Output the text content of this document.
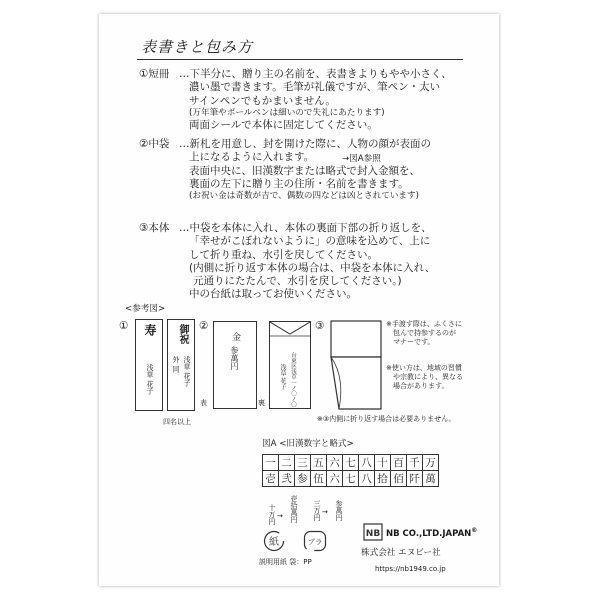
表書きと包み方
①短冊 …下半分に、贈り主の名前を、表書きよりもやや小さく、
濃い墨で書きます。毛筆が礼儀ですが、筆ペン・太い
サインペンでもかまいません。
(万年筆やボールペンは細いので失礼にあたります)
両面シールで本体に固定してください。
②中袋 …新札を用意し、封を開けた際に、人物の顔が表面の
上になるように入れます。
表面中央に、旧漢数字または略式で封入金額を、
裏面の左下に贈り主の住所・名前を書きます。
(お祝い金は奇数が吉で、偶数の四などは凶とされています)
→図A参照
③本体 …中袋を本体に入れ、本体の裏面下部の折り返しを、
「幸せがこぼれないように」の意味を込めて、上に
して折り重ね、水引を戻してください。
(内側に折り返す本体の場合は、中袋を本体に入れ、
元通りにたたんで、水引を戻してください。)
中の台紙は取ってお使いください。
<参考図>
① 寿
浅草 花子
御祝
浅草 花子
外 同
四名以上
②
金
参萬円
表	台東区浅草一ノ〇ノ〇
浅草 花子
裏
③	※手渡す際は、ふくさに
包んで持参するのが
マナーです。
※使い方は、地域の習慣
や宗教により、異なる
場合があります。
※③内側に折り返す場合は必要ありません。
図A <旧漢数字と略式>
一	二	三	五	六	七	八	十	百	千	万
壱	弐	参	伍	六	七	八	拾	佰	阡	萬
十万円 → 壱拾萬円 三万円 → 参萬円
NB NB CO.,LTD.JAPAN®
株式会社 エヌビー社
https://nb1949.co.jp
紙	プラ
説明用紙 袋：PP
